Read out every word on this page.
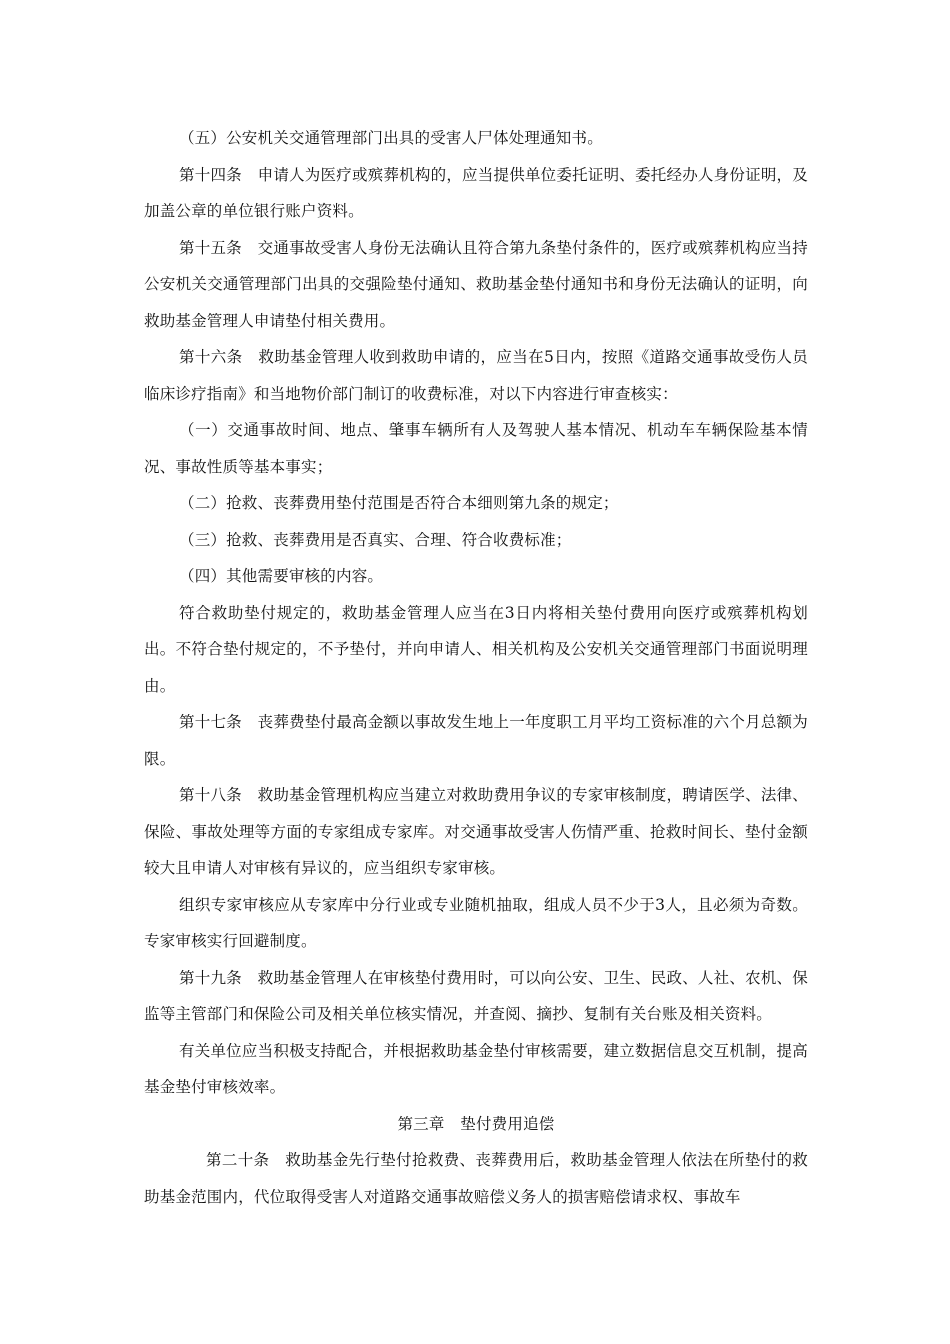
（五）公安机关交通管理部门出具的受害人尸体处理通知书。

第十四条　申请人为医疗或殡葬机构的，应当提供单位委托证明、委托经办人身份证明，及加盖公章的单位银行账户资料。

第十五条　交通事故受害人身份无法确认且符合第九条垫付条件的，医疗或殡葬机构应当持公安机关交通管理部门出具的交强险垫付通知、救助基金垫付通知书和身份无法确认的证明，向救助基金管理人申请垫付相关费用。

第十六条　救助基金管理人收到救助申请的，应当在5日内，按照《道路交通事故受伤人员临床诊疗指南》和当地物价部门制订的收费标准，对以下内容进行审查核实：

（一）交通事故时间、地点、肇事车辆所有人及驾驶人基本情况、机动车车辆保险基本情况、事故性质等基本事实；

（二）抢救、丧葬费用垫付范围是否符合本细则第九条的规定；

（三）抢救、丧葬费用是否真实、合理、符合收费标准；

（四）其他需要审核的内容。

符合救助垫付规定的，救助基金管理人应当在3日内将相关垫付费用向医疗或殡葬机构划出。不符合垫付规定的，不予垫付，并向申请人、相关机构及公安机关交通管理部门书面说明理由。

第十七条　丧葬费垫付最高金额以事故发生地上一年度职工月平均工资标准的六个月总额为限。

第十八条　救助基金管理机构应当建立对救助费用争议的专家审核制度，聘请医学、法律、保险、事故处理等方面的专家组成专家库。对交通事故受害人伤情严重、抢救时间长、垫付金额较大且申请人对审核有异议的，应当组织专家审核。

组织专家审核应从专家库中分行业或专业随机抽取，组成人员不少于3人，且必须为奇数。专家审核实行回避制度。

第十九条　救助基金管理人在审核垫付费用时，可以向公安、卫生、民政、人社、农机、保监等主管部门和保险公司及相关单位核实情况，并查阅、摘抄、复制有关台账及相关资料。

有关单位应当积极支持配合，并根据救助基金垫付审核需要，建立数据信息交互机制，提高基金垫付审核效率。

第三章　垫付费用追偿

第二十条　救助基金先行垫付抢救费、丧葬费用后，救助基金管理人依法在所垫付的救助基金范围内，代位取得受害人对道路交通事故赔偿义务人的损害赔偿请求权、事故车
